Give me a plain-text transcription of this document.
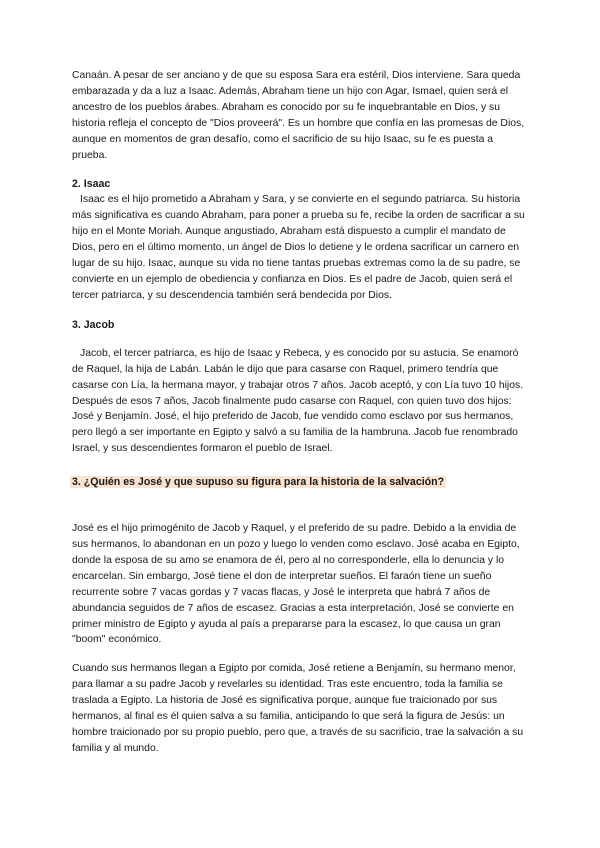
Canaán. A pesar de ser anciano y de que su esposa Sara era estéril, Dios interviene. Sara queda embarazada y da a luz a Isaac. Además, Abraham tiene un hijo con Agar, Ismael, quien será el ancestro de los pueblos árabes. Abraham es conocido por su fe inquebrantable en Dios, y su historia refleja el concepto de "Dios proveerá". Es un hombre que confía en las promesas de Dios, aunque en momentos de gran desafío, como el sacrificio de su hijo Isaac, su fe es puesta a prueba.

2. Isaac

Isaac es el hijo prometido a Abraham y Sara, y se convierte en el segundo patriarca. Su historia más significativa es cuando Abraham, para poner a prueba su fe, recibe la orden de sacrificar a su hijo en el Monte Moriah. Aunque angustiado, Abraham está dispuesto a cumplir el mandato de Dios, pero en el último momento, un ángel de Dios lo detiene y le ordena sacrificar un carnero en lugar de su hijo. Isaac, aunque su vida no tiene tantas pruebas extremas como la de su padre, se convierte en un ejemplo de obediencia y confianza en Dios. Es el padre de Jacob, quien será el tercer patriarca, y su descendencia también será bendecida por Dios.

3. Jacob

Jacob, el tercer patriarca, es hijo de Isaac y Rebeca, y es conocido por su astucia. Se enamoró de Raquel, la hija de Labán. Labán le dijo que para casarse con Raquel, primero tendría que casarse con Lía, la hermana mayor, y trabajar otros 7 años. Jacob aceptó, y con Lía tuvo 10 hijos. Después de esos 7 años, Jacob finalmente pudo casarse con Raquel, con quien tuvo dos hijos: José y Benjamín. José, el hijo preferido de Jacob, fue vendido como esclavo por sus hermanos, pero llegó a ser importante en Egipto y salvó a su familia de la hambruna. Jacob fue renombrado Israel, y sus descendientes formaron el pueblo de Israel.

3. ¿Quién es José y que supuso su figura para la historia de la salvación?

José es el hijo primogénito de Jacob y Raquel, y el preferido de su padre. Debido a la envidia de sus hermanos, lo abandonan en un pozo y luego lo venden como esclavo. José acaba en Egipto, donde la esposa de su amo se enamora de él, pero al no corresponderle, ella lo denuncia y lo encarcelan. Sin embargo, José tiene el don de interpretar sueños. El faraón tiene un sueño recurrente sobre 7 vacas gordas y 7 vacas flacas, y José le interpreta que habrá 7 años de abundancia seguidos de 7 años de escasez. Gracias a esta interpretación, José se convierte en primer ministro de Egipto y ayuda al país a prepararse para la escasez, lo que causa un gran "boom" económico.

Cuando sus hermanos llegan a Egipto por comida, José retiene a Benjamín, su hermano menor, para llamar a su padre Jacob y revelarles su identidad. Tras este encuentro, toda la familia se traslada a Egipto. La historia de José es significativa porque, aunque fue traicionado por sus hermanos, al final es él quien salva a su familia, anticipando lo que será la figura de Jesús: un hombre traicionado por su propio pueblo, pero que, a través de su sacrificio, trae la salvación a su familia y al mundo.
